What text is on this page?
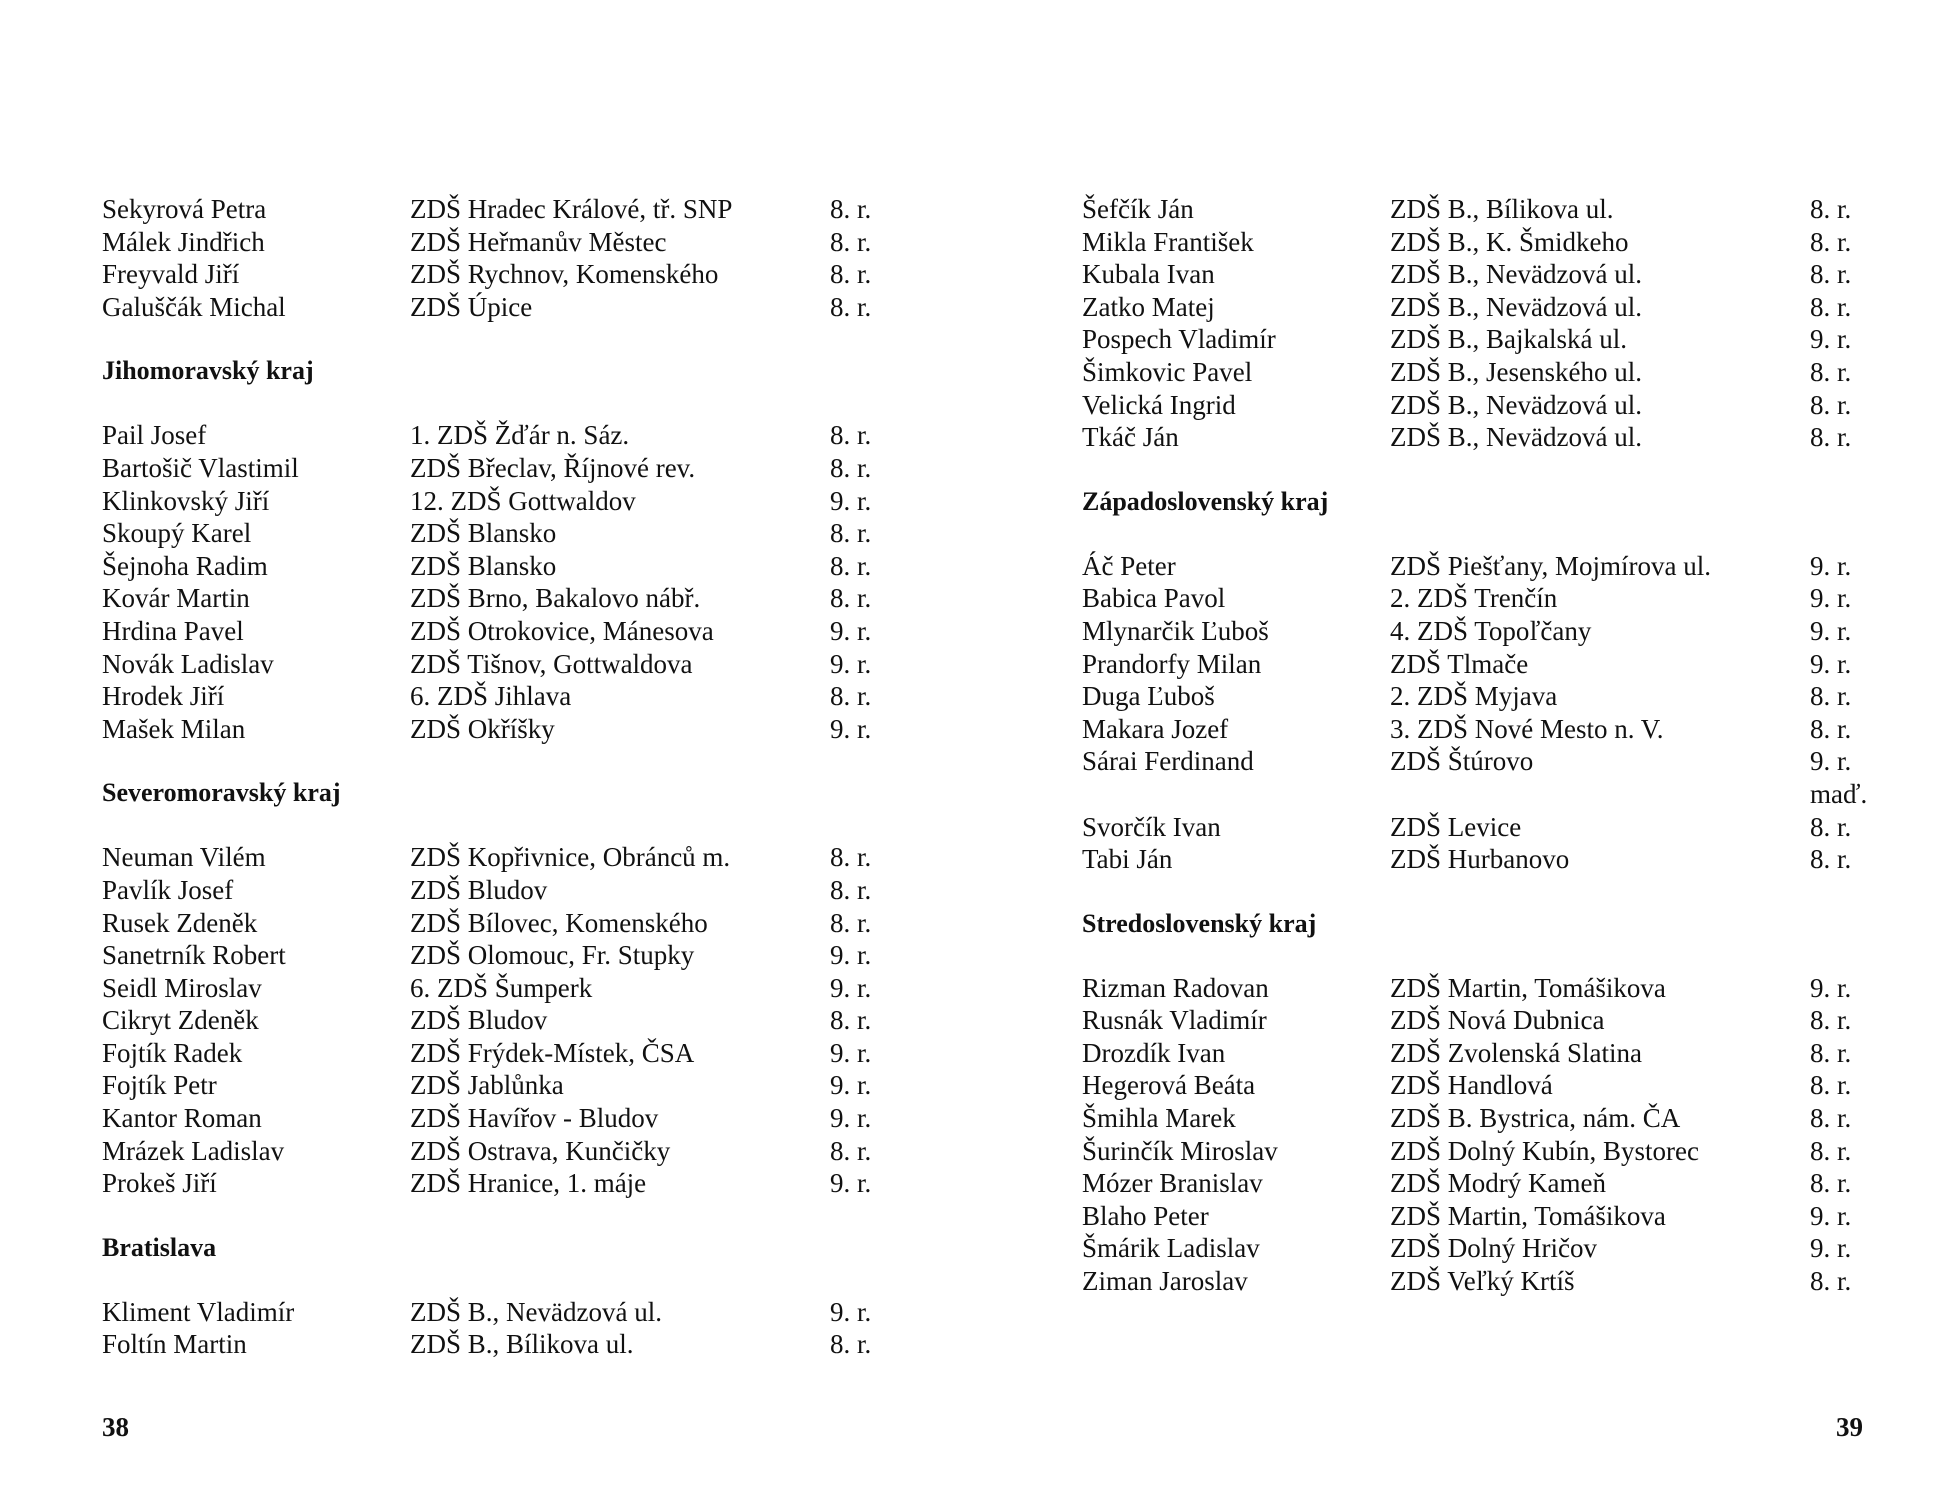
Sekyrová Petra	ZDŠ Hradec Králové, tř. SNP	8. r.
Málek Jindřich	ZDŠ Heřmanův Městec	8. r.
Freyvald Jiří	ZDŠ Rychnov, Komenského	8. r.
Galuščák Michal	ZDŠ Úpice	8. r.
Jihomoravský kraj
Pail Josef	1. ZDŠ Žďár n. Sáz.	8. r.
Bartošič Vlastimil	ZDŠ Břeclav, Říjnové rev.	8. r.
Klinkovský Jiří	12. ZDŠ Gottwaldov	9. r.
Skoupý Karel	ZDŠ Blansko	8. r.
Šejnoha Radim	ZDŠ Blansko	8. r.
Kovár Martin	ZDŠ Brno, Bakalovo nábř.	8. r.
Hrdina Pavel	ZDŠ Otrokovice, Mánesova	9. r.
Novák Ladislav	ZDŠ Tišnov, Gottwaldova	9. r.
Hrodek Jiří	6. ZDŠ Jihlava	8. r.
Mašek Milan	ZDŠ Okříšky	9. r.
Severomoravský kraj
Neuman Vilém	ZDŠ Kopřivnice, Obránců m.	8. r.
Pavlík Josef	ZDŠ Bludov	8. r.
Rusek Zdeněk	ZDŠ Bílovec, Komenského	8. r.
Sanetrník Robert	ZDŠ Olomouc, Fr. Stupky	9. r.
Seidl Miroslav	6. ZDŠ Šumperk	9. r.
Cikryt Zdeněk	ZDŠ Bludov	8. r.
Fojtík Radek	ZDŠ Frýdek-Místek, ČSA	9. r.
Fojtík Petr	ZDŠ Jablůnka	9. r.
Kantor Roman	ZDŠ Havířov - Bludov	9. r.
Mrázek Ladislav	ZDŠ Ostrava, Kunčičky	8. r.
Prokeš Jiří	ZDŠ Hranice, 1. máje	9. r.
Bratislava
Kliment Vladimír	ZDŠ B., Nevädzová ul.	9. r.
Foltín Martin	ZDŠ B., Bílikova ul.	8. r.
Šefčík Ján	ZDŠ B., Bílikova ul.	8. r.
Mikla František	ZDŠ B., K. Šmidkeho	8. r.
Kubala Ivan	ZDŠ B., Nevädzová ul.	8. r.
Zatko Matej	ZDŠ B., Nevädzová ul.	8. r.
Pospech Vladimír	ZDŠ B., Bajkalská ul.	9. r.
Šimkovic Pavel	ZDŠ B., Jesenského ul.	8. r.
Velická Ingrid	ZDŠ B., Nevädzová ul.	8. r.
Tkáč Ján	ZDŠ B., Nevädzová ul.	8. r.
Západoslovenský kraj
Áč Peter	ZDŠ Piešťany, Mojmírova ul.	9. r.
Babica Pavol	2. ZDŠ Trenčín	9. r.
Mlynarčik Ľuboš	4. ZDŠ Topoľčany	9. r.
Prandorfy Milan	ZDŠ Tlmače	9. r.
Duga Ľuboš	2. ZDŠ Myjava	8. r.
Makara Jozef	3. ZDŠ Nové Mesto n. V.	8. r.
Sárai Ferdinand	ZDŠ Štúrovo	9. r.
maď.
Svorčík Ivan	ZDŠ Levice	8. r.
Tabi Ján	ZDŠ Hurbanovo	8. r.
Stredoslovenský kraj
Rizman Radovan	ZDŠ Martin, Tomášikova	9. r.
Rusnák Vladimír	ZDŠ Nová Dubnica	8. r.
Drozdík Ivan	ZDŠ Zvolenská Slatina	8. r.
Hegerová Beáta	ZDŠ Handlová	8. r.
Šmihla Marek	ZDŠ B. Bystrica, nám. ČA	8. r.
Šurinčík Miroslav	ZDŠ Dolný Kubín, Bystorec	8. r.
Mózer Branislav	ZDŠ Modrý Kameň	8. r.
Blaho Peter	ZDŠ Martin, Tomášikova	9. r.
Šmárik Ladislav	ZDŠ Dolný Hričov	9. r.
Ziman Jaroslav	ZDŠ Veľký Krtíš	8. r.
38	39
